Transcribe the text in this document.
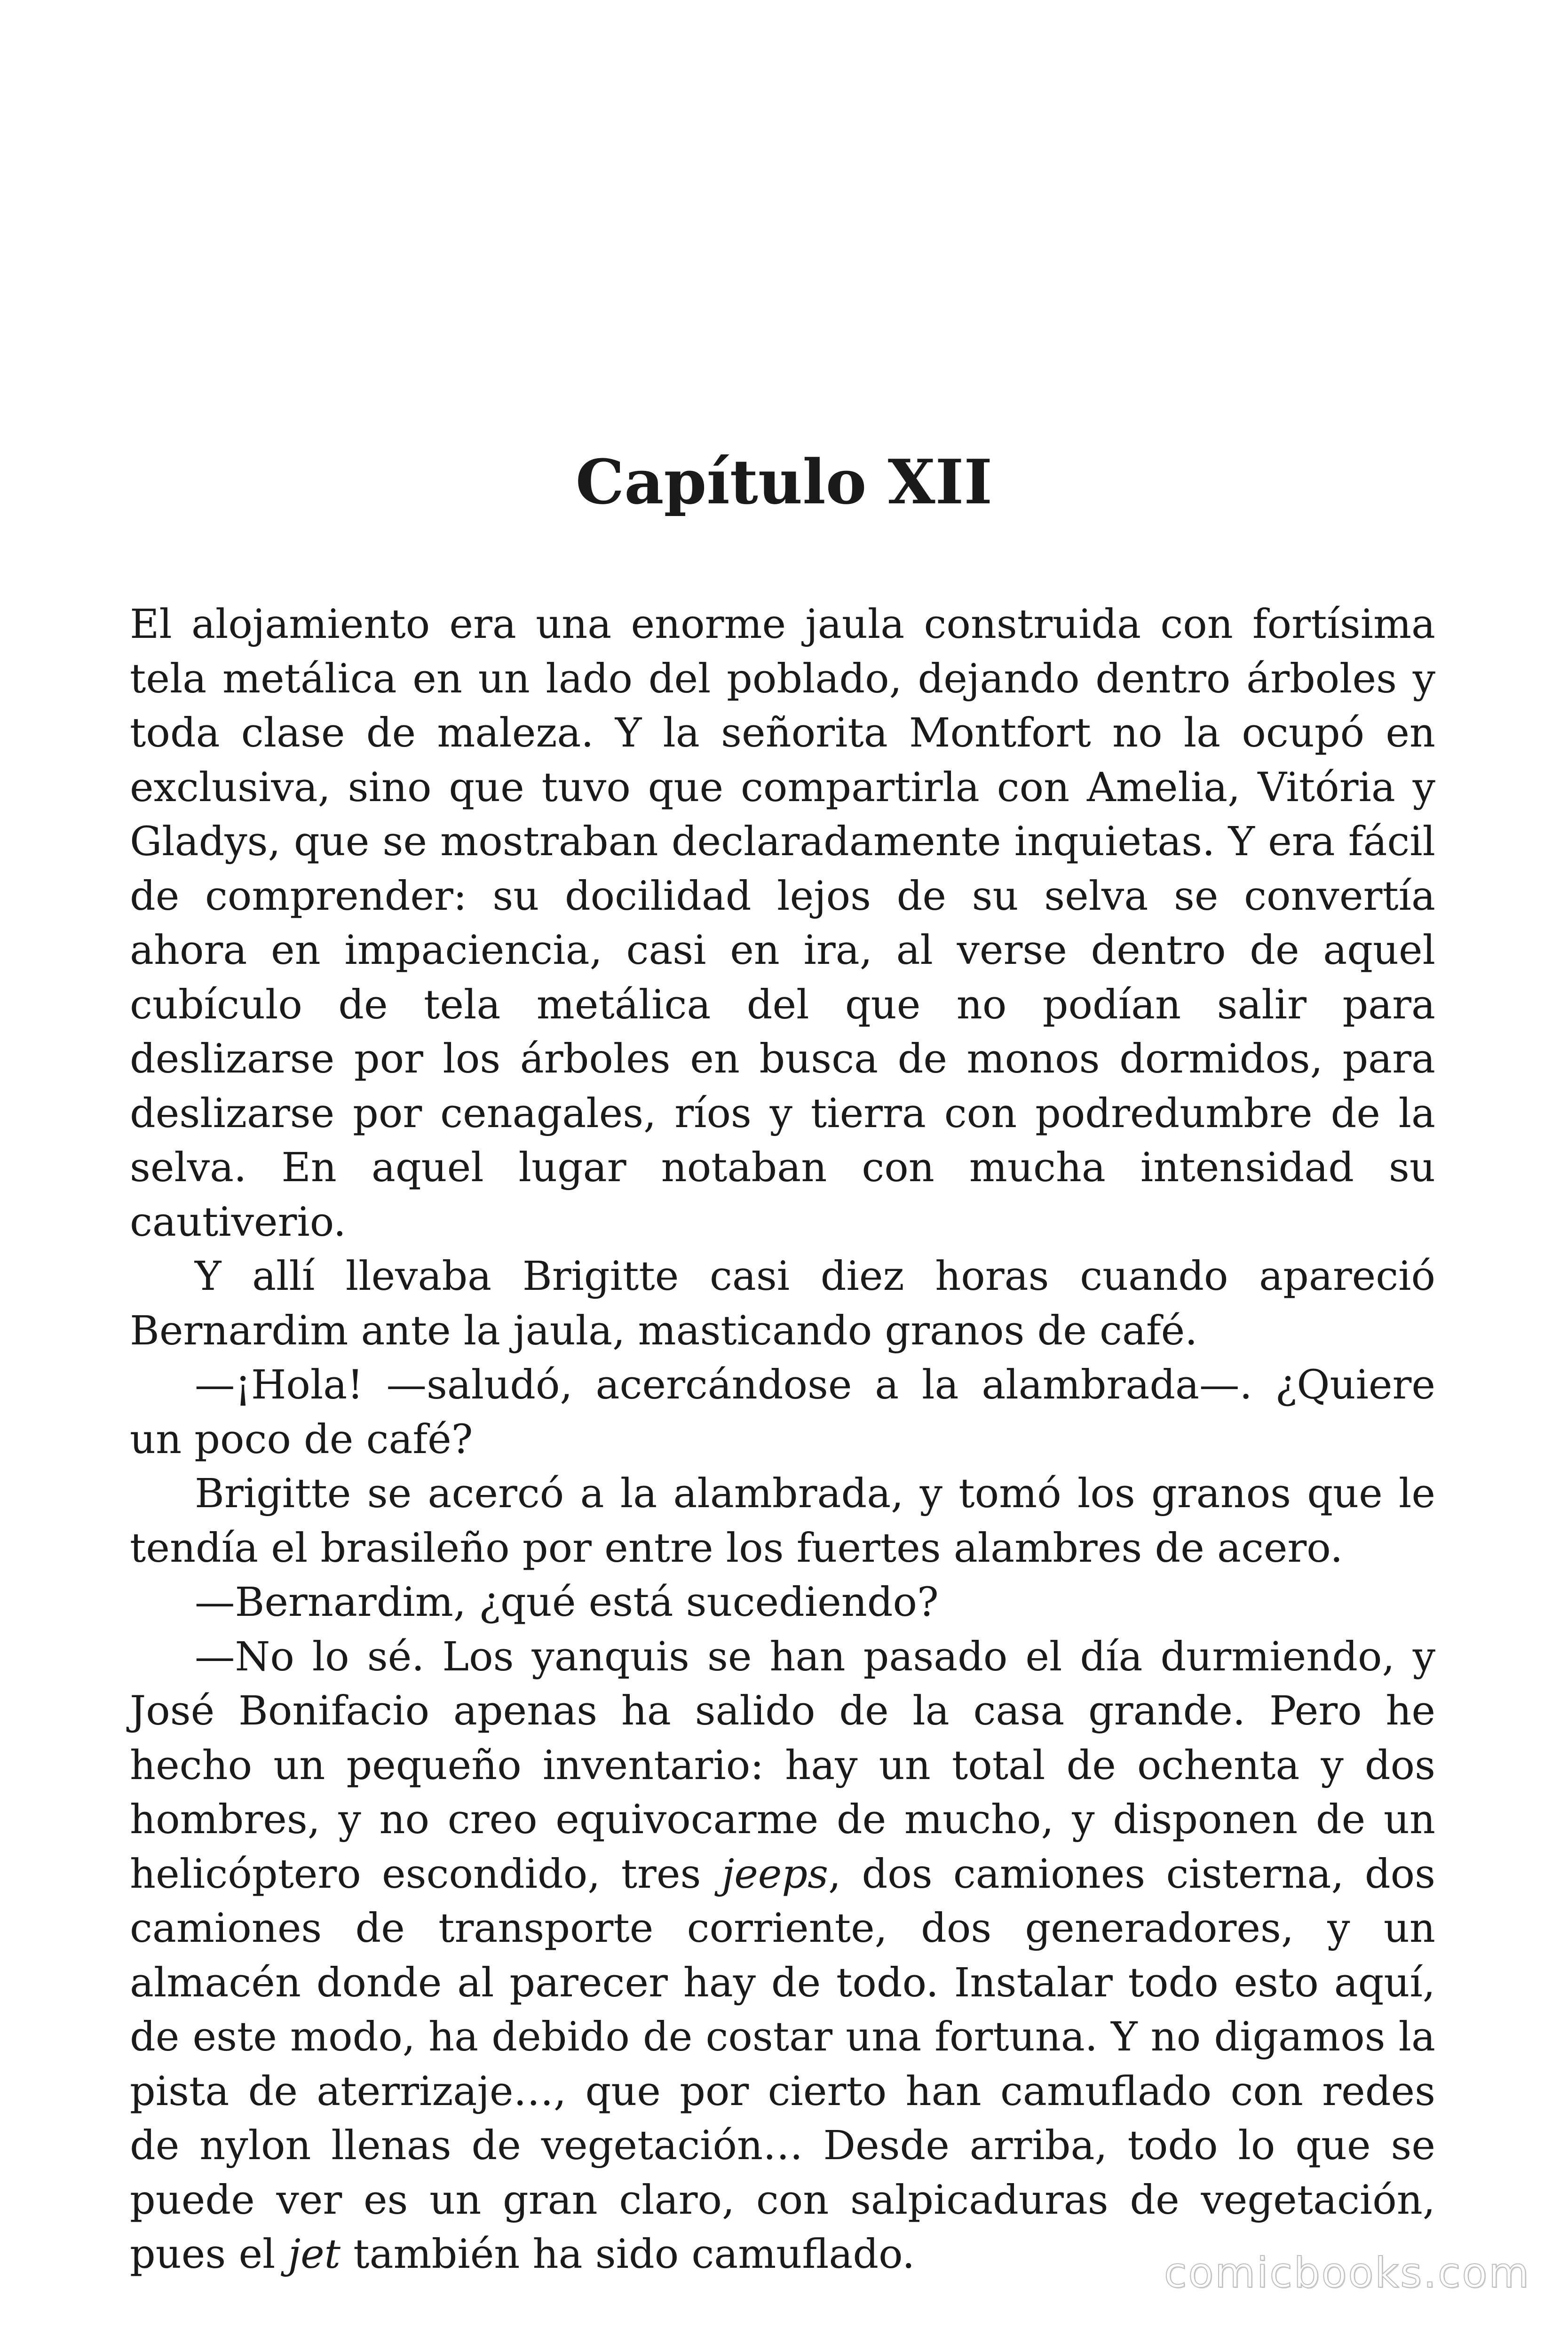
Capítulo XII

El alojamiento era una enorme jaula construida con fortísima tela metálica en un lado del poblado, dejando dentro árboles y toda clase de maleza. Y la señorita Montfort no la ocupó en exclusiva, sino que tuvo que compartirla con Amelia, Vitória y Gladys, que se mostraban declaradamente inquietas. Y era fácil de comprender: su docilidad lejos de su selva se convertía ahora en impaciencia, casi en ira, al verse dentro de aquel cubículo de tela metálica del que no podían salir para deslizarse por los árboles en busca de monos dormidos, para deslizarse por cenagales, ríos y tierra con podredumbre de la selva. En aquel lugar notaban con mucha intensidad su cautiverio.

Y allí llevaba Brigitte casi diez horas cuando apareció Bernardim ante la jaula, masticando granos de café.

—¡Hola! —saludó, acercándose a la alambrada—. ¿Quiere un poco de café?

Brigitte se acercó a la alambrada, y tomó los granos que le tendía el brasileño por entre los fuertes alambres de acero.

—Bernardim, ¿qué está sucediendo?

—No lo sé. Los yanquis se han pasado el día durmiendo, y José Bonifacio apenas ha salido de la casa grande. Pero he hecho un pequeño inventario: hay un total de ochenta y dos hombres, y no creo equivocarme de mucho, y disponen de un helicóptero escondido, tres jeeps, dos camiones cisterna, dos camiones de transporte corriente, dos generadores, y un almacén donde al parecer hay de todo. Instalar todo esto aquí, de este modo, ha debido de costar una fortuna. Y no digamos la pista de aterrizaje…, que por cierto han camuflado con redes de nylon llenas de vegetación… Desde arriba, todo lo que se puede ver es un gran claro, con salpicaduras de vegetación, pues el jet también ha sido camuflado.	comicbooks.com
